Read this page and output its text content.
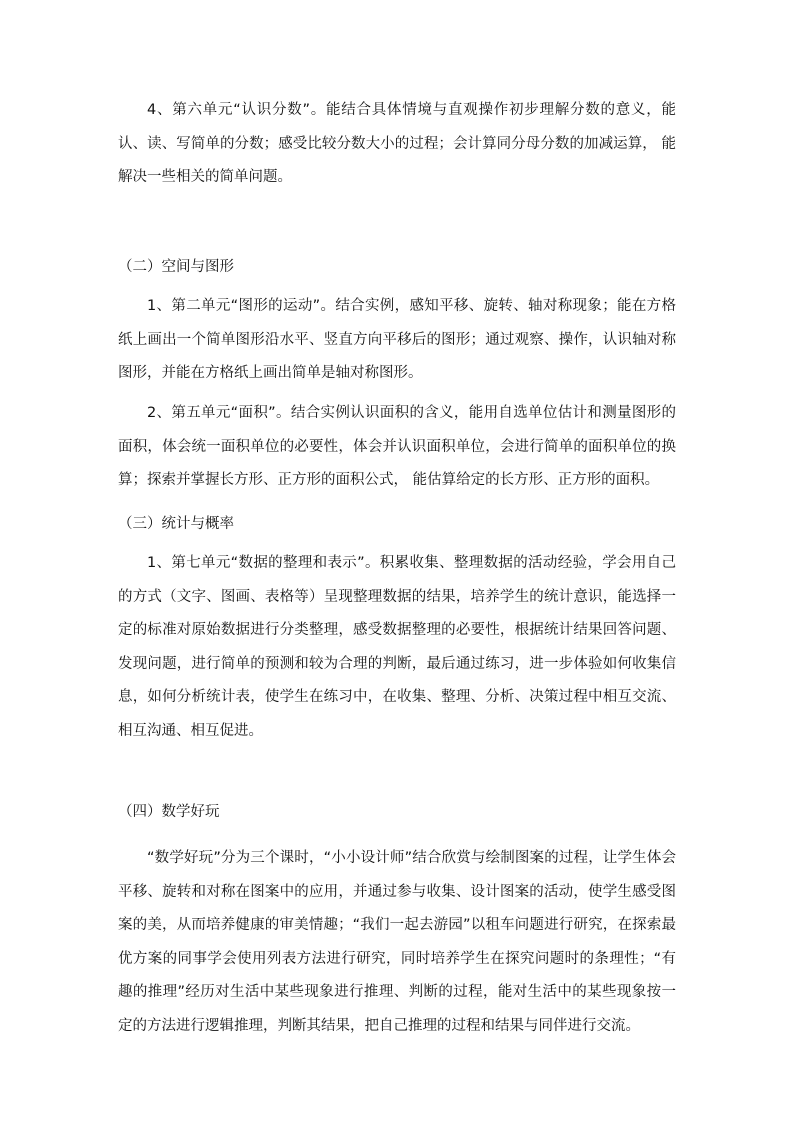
4、第六单元“认识分数”。能结合具体情境与直观操作初步理解分数的意义，能认、读、写简单的分数；感受比较分数大小的过程；会计算同分母分数的加减运算， 能解决一些相关的简单问题。

（二）空间与图形

1、第二单元“图形的运动”。结合实例，感知平移、旋转、轴对称现象；能在方格纸上画出一个简单图形沿水平、竖直方向平移后的图形；通过观察、操作，认识轴对称图形，并能在方格纸上画出简单是轴对称图形。

2、第五单元“面积”。结合实例认识面积的含义，能用自选单位估计和测量图形的面积，体会统一面积单位的必要性，体会并认识面积单位，会进行简单的面积单位的换算；探索并掌握长方形、正方形的面积公式， 能估算给定的长方形、正方形的面积。

（三）统计与概率

1、第七单元“数据的整理和表示”。积累收集、整理数据的活动经验，学会用自己的方式（文字、图画、表格等）呈现整理数据的结果，培养学生的统计意识，能选择一定的标准对原始数据进行分类整理，感受数据整理的必要性，根据统计结果回答问题、发现问题，进行简单的预测和较为合理的判断，最后通过练习，进一步体验如何收集信息，如何分析统计表，使学生在练习中，在收集、整理、分析、决策过程中相互交流、相互沟通、相互促进。

（四）数学好玩

“数学好玩”分为三个课时，“小小设计师”结合欣赏与绘制图案的过程，让学生体会平移、旋转和对称在图案中的应用，并通过参与收集、设计图案的活动，使学生感受图案的美，从而培养健康的审美情趣；“我们一起去游园”以租车问题进行研究，在探索最优方案的同事学会使用列表方法进行研究，同时培养学生在探究问题时的条理性；“有趣的推理”经历对生活中某些现象进行推理、判断的过程，能对生活中的某些现象按一定的方法进行逻辑推理，判断其结果，把自己推理的过程和结果与同伴进行交流。
